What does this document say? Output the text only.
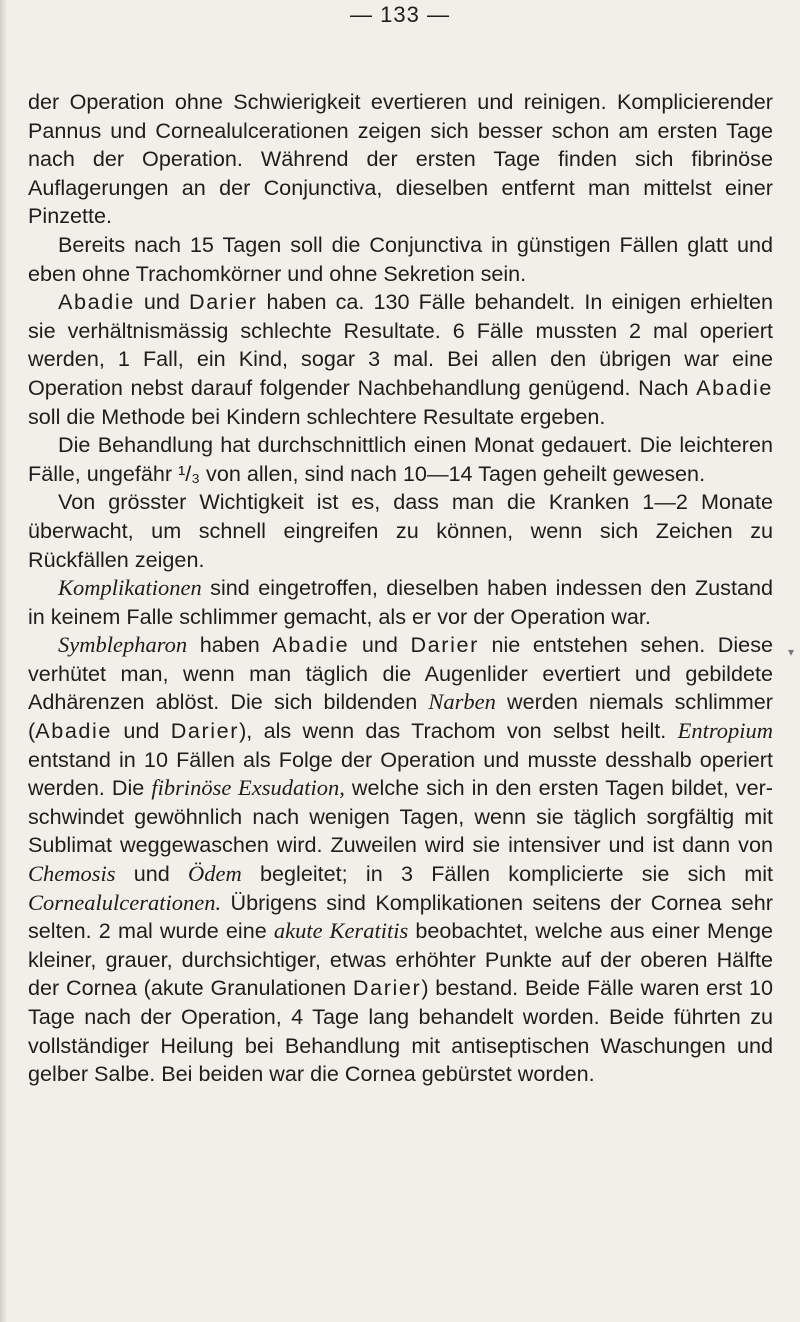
— 133 —

der Operation ohne Schwierigkeit evertieren und reinigen. Komplicierender Pannus und Cornealulcerationen zeigen sich besser schon am ersten Tage nach der Operation. Während der ersten Tage finden sich fibrinöse Auflagerungen an der Conjunctiva, dieselben entfernt man mittelst einer Pinzette.

Bereits nach 15 Tagen soll die Conjunctiva in günstigen Fällen glatt und eben ohne Trachomkörner und ohne Sekretion sein.

Abadie und Darier haben ca. 130 Fälle behandelt. In einigen erhielten sie verhältnismässig schlechte Resultate. 6 Fälle mussten 2 mal operiert werden, 1 Fall, ein Kind, sogar 3 mal. Bei allen den übrigen war eine Operation nebst darauf folgender Nachbehandlung genügend. Nach Abadie soll die Methode bei Kindern schlechtere Resultate ergeben.

Die Behandlung hat durchschnittlich einen Monat gedauert. Die leichteren Fälle, ungefähr ¹/₃ von allen, sind nach 10—14 Tagen geheilt gewesen.

Von grösster Wichtigkeit ist es, dass man die Kranken 1—2 Monate überwacht, um schnell eingreifen zu können, wenn sich Zeichen zu Rückfällen zeigen.

Komplikationen sind eingetroffen, dieselben haben indessen den Zustand in keinem Falle schlimmer gemacht, als er vor der Operation war.

Symblepharon haben Abadie und Darier nie entstehen sehen. Diese verhütet man, wenn man täglich die Augenlider evertiert und gebildete Adhärenzen ablöst. Die sich bildenden Narben werden niemals schlimmer (Abadie und Darier), als wenn das Trachom von selbst heilt. Entropium entstand in 10 Fällen als Folge der Operation und musste desshalb operiert werden. Die fibrinöse Exsudation, welche sich in den ersten Tagen bildet, verschwindet gewöhnlich nach wenigen Tagen, wenn sie täglich sorgfältig mit Sublimat weggewaschen wird. Zuweilen wird sie intensiver und ist dann von Chemosis und Ödem begleitet; in 3 Fällen komplicierte sie sich mit Cornealulcerationen. Übrigens sind Komplikationen seitens der Cornea sehr selten. 2 mal wurde eine akute Keratitis beobachtet, welche aus einer Menge kleiner, grauer, durchsichtiger, etwas erhöhter Punkte auf der oberen Hälfte der Cornea (akute Granulationen Darier) bestand. Beide Fälle waren erst 10 Tage nach der Operation, 4 Tage lang behandelt worden. Beide führten zu vollständiger Heilung bei Behandlung mit antiseptischen Waschungen und gelber Salbe. Bei beiden war die Cornea gebürstet worden.

▾
